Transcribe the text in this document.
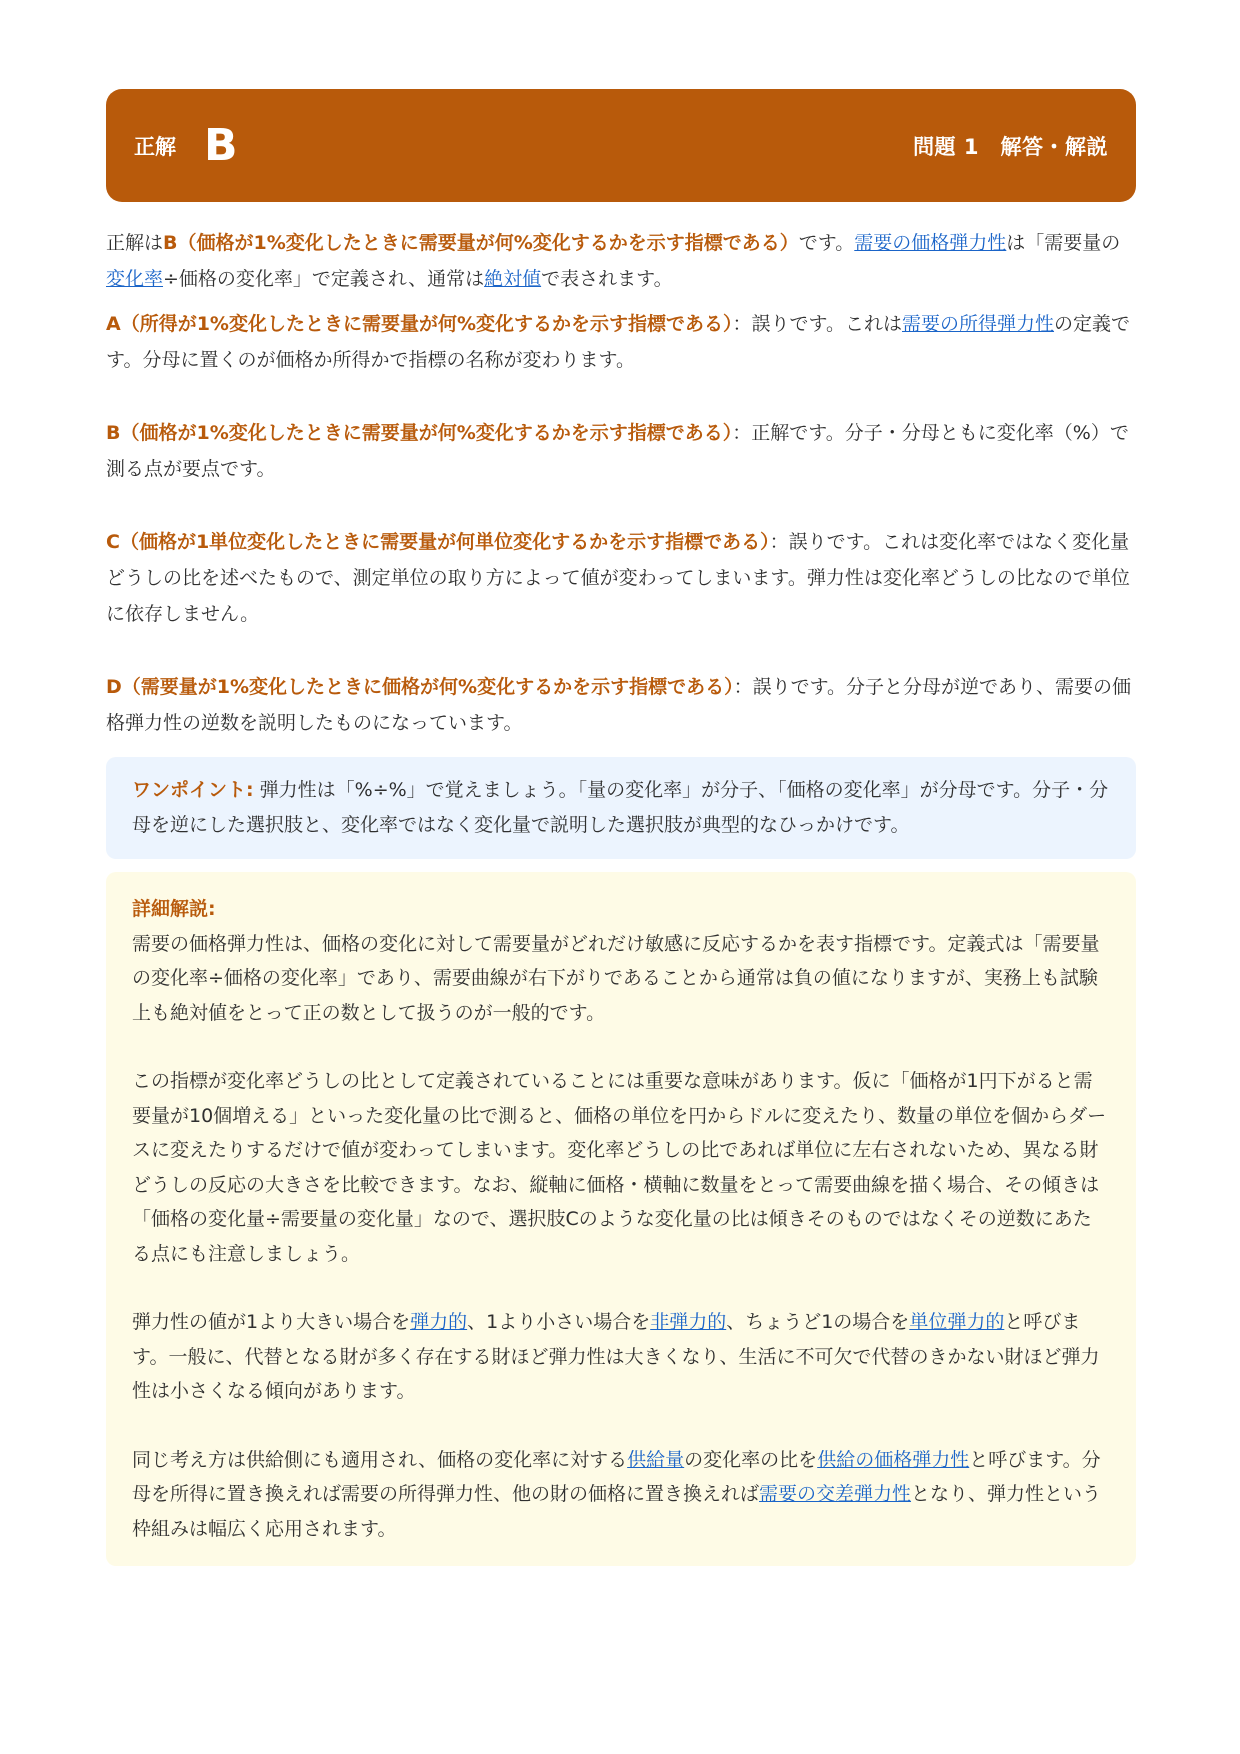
正解 B	問題 1　解答・解説

正解はB（価格が1%変化したときに需要量が何%変化するかを示す指標である）です。需要の価格弾力性は「需要量の変化率÷価格の変化率」で定義され、通常は絶対値で表されます。

A（所得が1%変化したときに需要量が何%変化するかを示す指標である）：誤りです。これは需要の所得弾力性の定義です。分母に置くのが価格か所得かで指標の名称が変わります。

B（価格が1%変化したときに需要量が何%変化するかを示す指標である）：正解です。分子・分母ともに変化率（%）で測る点が要点です。

C（価格が1単位変化したときに需要量が何単位変化するかを示す指標である）：誤りです。これは変化率ではなく変化量どうしの比を述べたもので、測定単位の取り方によって値が変わってしまいます。弾力性は変化率どうしの比なので単位に依存しません。

D（需要量が1%変化したときに価格が何%変化するかを示す指標である）：誤りです。分子と分母が逆であり、需要の価格弾力性の逆数を説明したものになっています。

ワンポイント: 弾力性は「%÷%」で覚えましょう。「量の変化率」が分子、「価格の変化率」が分母です。分子・分母を逆にした選択肢と、変化率ではなく変化量で説明した選択肢が典型的なひっかけです。

詳細解説:

需要の価格弾力性は、価格の変化に対して需要量がどれだけ敏感に反応するかを表す指標です。定義式は「需要量の変化率÷価格の変化率」であり、需要曲線が右下がりであることから通常は負の値になりますが、実務上も試験上も絶対値をとって正の数として扱うのが一般的です。

この指標が変化率どうしの比として定義されていることには重要な意味があります。仮に「価格が1円下がると需要量が10個増える」といった変化量の比で測ると、価格の単位を円からドルに変えたり、数量の単位を個からダースに変えたりするだけで値が変わってしまいます。変化率どうしの比であれば単位に左右されないため、異なる財どうしの反応の大きさを比較できます。なお、縦軸に価格・横軸に数量をとって需要曲線を描く場合、その傾きは「価格の変化量÷需要量の変化量」なので、選択肢Cのような変化量の比は傾きそのものではなくその逆数にあたる点にも注意しましょう。

弾力性の値が1より大きい場合を弾力的、1より小さい場合を非弾力的、ちょうど1の場合を単位弾力的と呼びます。一般に、代替となる財が多く存在する財ほど弾力性は大きくなり、生活に不可欠で代替のきかない財ほど弾力性は小さくなる傾向があります。

同じ考え方は供給側にも適用され、価格の変化率に対する供給量の変化率の比を供給の価格弾力性と呼びます。分母を所得に置き換えれば需要の所得弾力性、他の財の価格に置き換えれば需要の交差弾力性となり、弾力性という枠組みは幅広く応用されます。
